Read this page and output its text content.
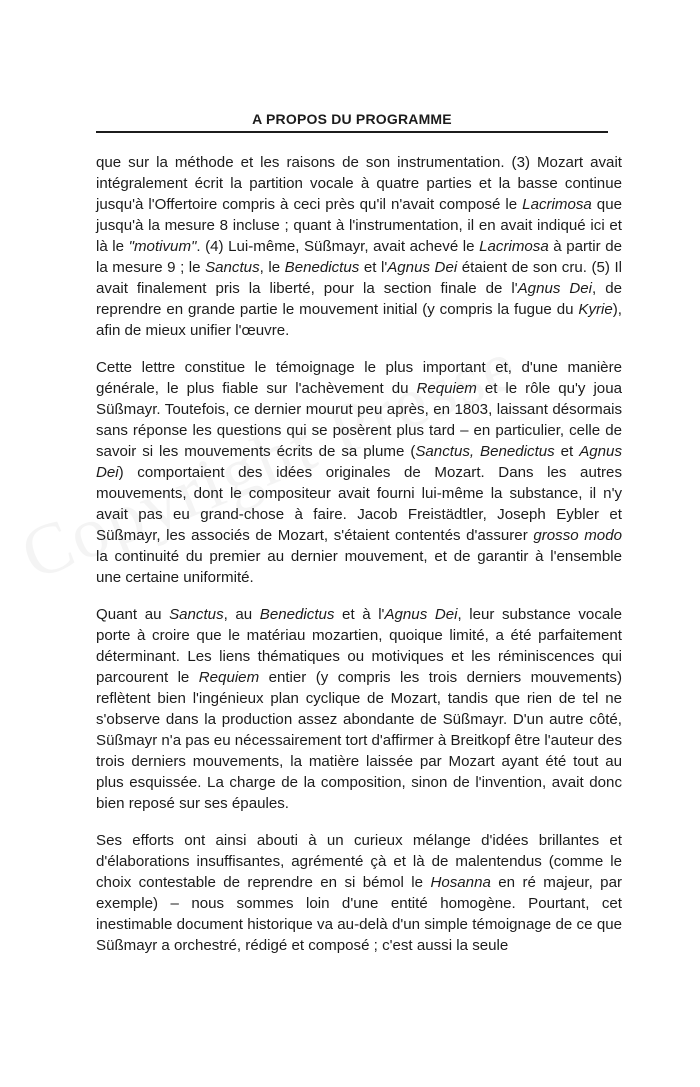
A PROPOS DU PROGRAMME

que sur la méthode et les raisons de son instrumentation. (3) Mozart avait intégralement écrit la partition vocale à quatre parties et la basse continue jusqu'à l'Offertoire compris à ceci près qu'il n'avait composé le Lacrimosa que jusqu'à la mesure 8 incluse ; quant à l'instrumentation, il en avait indiqué ici et là le "motivum". (4) Lui-même, Süßmayr, avait achevé le Lacrimosa à partir de la mesure 9 ; le Sanctus, le Benedictus et l'Agnus Dei étaient de son cru. (5) Il avait finalement pris la liberté, pour la section finale de l'Agnus Dei, de reprendre en grande partie le mouvement initial (y compris la fugue du Kyrie), afin de mieux unifier l'œuvre.

Cette lettre constitue le témoignage le plus important et, d'une manière générale, le plus fiable sur l'achèvement du Requiem et le rôle qu'y joua Süßmayr. Toutefois, ce dernier mourut peu après, en 1803, laissant désormais sans réponse les questions qui se posèrent plus tard – en particulier, celle de savoir si les mouvements écrits de sa plume (Sanctus, Benedictus et Agnus Dei) comportaient des idées originales de Mozart. Dans les autres mouvements, dont le compositeur avait fourni lui-même la substance, il n'y avait pas eu grand-chose à faire. Jacob Freistädtler, Joseph Eybler et Süßmayr, les associés de Mozart, s'étaient contentés d'assurer grosso modo la continuité du premier au dernier mouvement, et de garantir à l'ensemble une certaine uniformité.

Quant au Sanctus, au Benedictus et à l'Agnus Dei, leur substance vocale porte à croire que le matériau mozartien, quoique limité, a été parfaitement déterminant. Les liens thématiques ou motiviques et les réminiscences qui parcourent le Requiem entier (y compris les trois derniers mouvements) reflètent bien l'ingénieux plan cyclique de Mozart, tandis que rien de tel ne s'observe dans la production assez abondante de Süßmayr. D'un autre côté, Süßmayr n'a pas eu nécessairement tort d'affirmer à Breitkopf être l'auteur des trois derniers mouvements, la matière laissée par Mozart ayant été tout au plus esquissée. La charge de la composition, sinon de l'invention, avait donc bien reposé sur ses épaules.

Ses efforts ont ainsi abouti à un curieux mélange d'idées brillantes et d'élaborations insuffisantes, agrémenté çà et là de malentendus (comme le choix contestable de reprendre en si bémol le Hosanna en ré majeur, par exemple) – nous sommes loin d'une entité homogène. Pourtant, cet inestimable document historique va au-delà d'un simple témoignage de ce que Süßmayr a orchestré, rédigé et composé ; c'est aussi la seule
